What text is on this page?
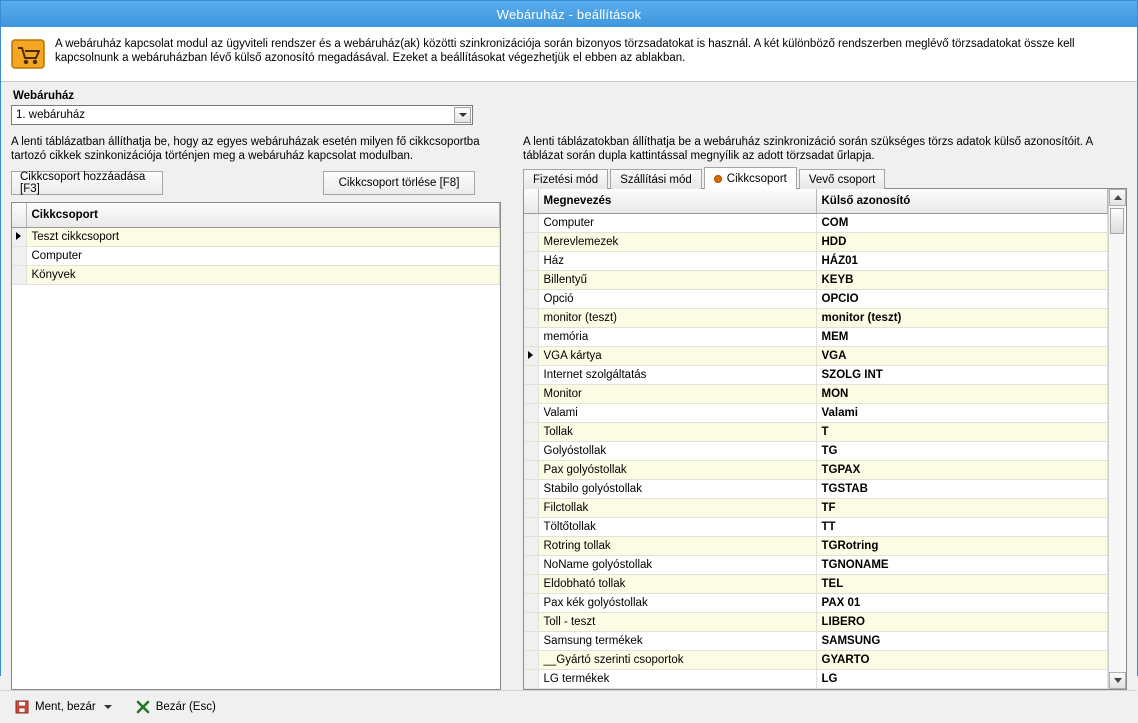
Webáruház - beállítások
A webáruház kapcsolat modul az ügyviteli rendszer és a webáruház(ak) közötti szinkronizációja során bizonyos törzsadatokat is használ. A két különböző rendszerben meglévő törzsadatokat össze kell kapcsolnunk a webáruházban lévő külső azonosító megadásával. Ezeket a beállításokat végezhetjük el ebben az ablakban.
Webáruház
1. webáruház
A lenti táblázatban állíthatja be, hogy az egyes webáruházak esetén milyen fő cikkcsoportba tartozó cikkek szinkonizációja történjen meg a webáruház kapcsolat modulban.
Cikkcsoport hozzáadása [F3]	Cikkcsoport törlése [F8]
	Cikkcsoport
	Teszt cikkcsoport
	Computer
	Könyvek
A lenti táblázatokban állíthatja be a webáruház szinkronizáció során szükséges törzs adatok külső azonosítóit. A táblázat során dupla kattintással megnyílik az adott törzsadat űrlapja.
Fizetési mód Szállítási mód	Cikkcsoport Vevő csoport
	Megnevezés	Külső azonosító
	Computer	COM
	Merevlemezek	HDD
	Ház	HÁZ01
	Billentyű	KEYB
	Opció	OPCIO
	monitor (teszt)	monitor (teszt)
	memória	MEM
	VGA kártya	VGA
	Internet szolgáltatás	SZOLG INT
	Monitor	MON
	Valami	Valami
	Tollak	T
	Golyóstollak	TG
	Pax golyóstollak	TGPAX
	Stabilo golyóstollak	TGSTAB
	Filctollak	TF
	Töltőtollak	TT
	Rotring tollak	TGRotring
	NoName golyóstollak	TGNONAME
	Eldobható tollak	TEL
	Pax kék golyóstollak	PAX 01
	Toll - teszt	LIBERO
	Samsung termékek	SAMSUNG
	__Gyártó szerinti csoportok	GYARTO
	LG termékek	LG
Ment, bezár	Bezár (Esc)
